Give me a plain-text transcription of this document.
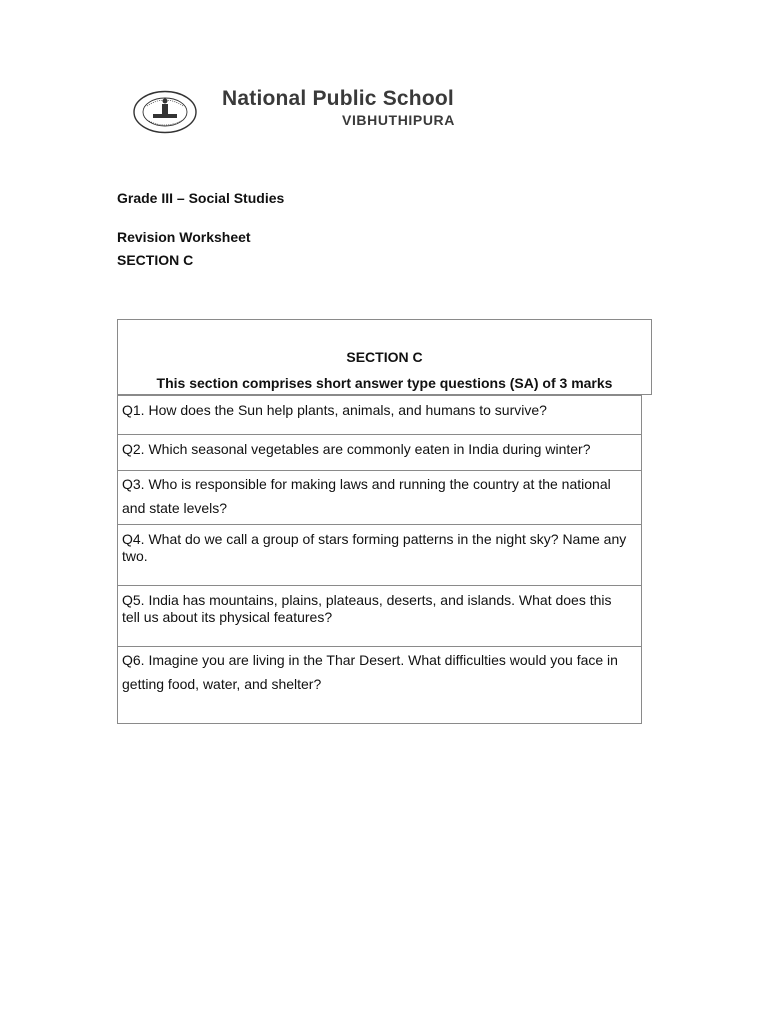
National Public School
VIBHUTHIPURA
Grade III – Social Studies
Revision Worksheet
SECTION C
SECTION C
This section comprises short answer type questions (SA) of 3 marks
Q1. How does the Sun help plants, animals, and humans to survive?
Q2. Which seasonal vegetables are commonly eaten in India during winter?
Q3. Who is responsible for making laws and running the country at the national and state levels?
Q4. What do we call a group of stars forming patterns in the night sky? Name any two.
Q5. India has mountains, plains, plateaus, deserts, and islands. What does this tell us about its physical features?
Q6. Imagine you are living in the Thar Desert. What difficulties would you face in getting food, water, and shelter?
